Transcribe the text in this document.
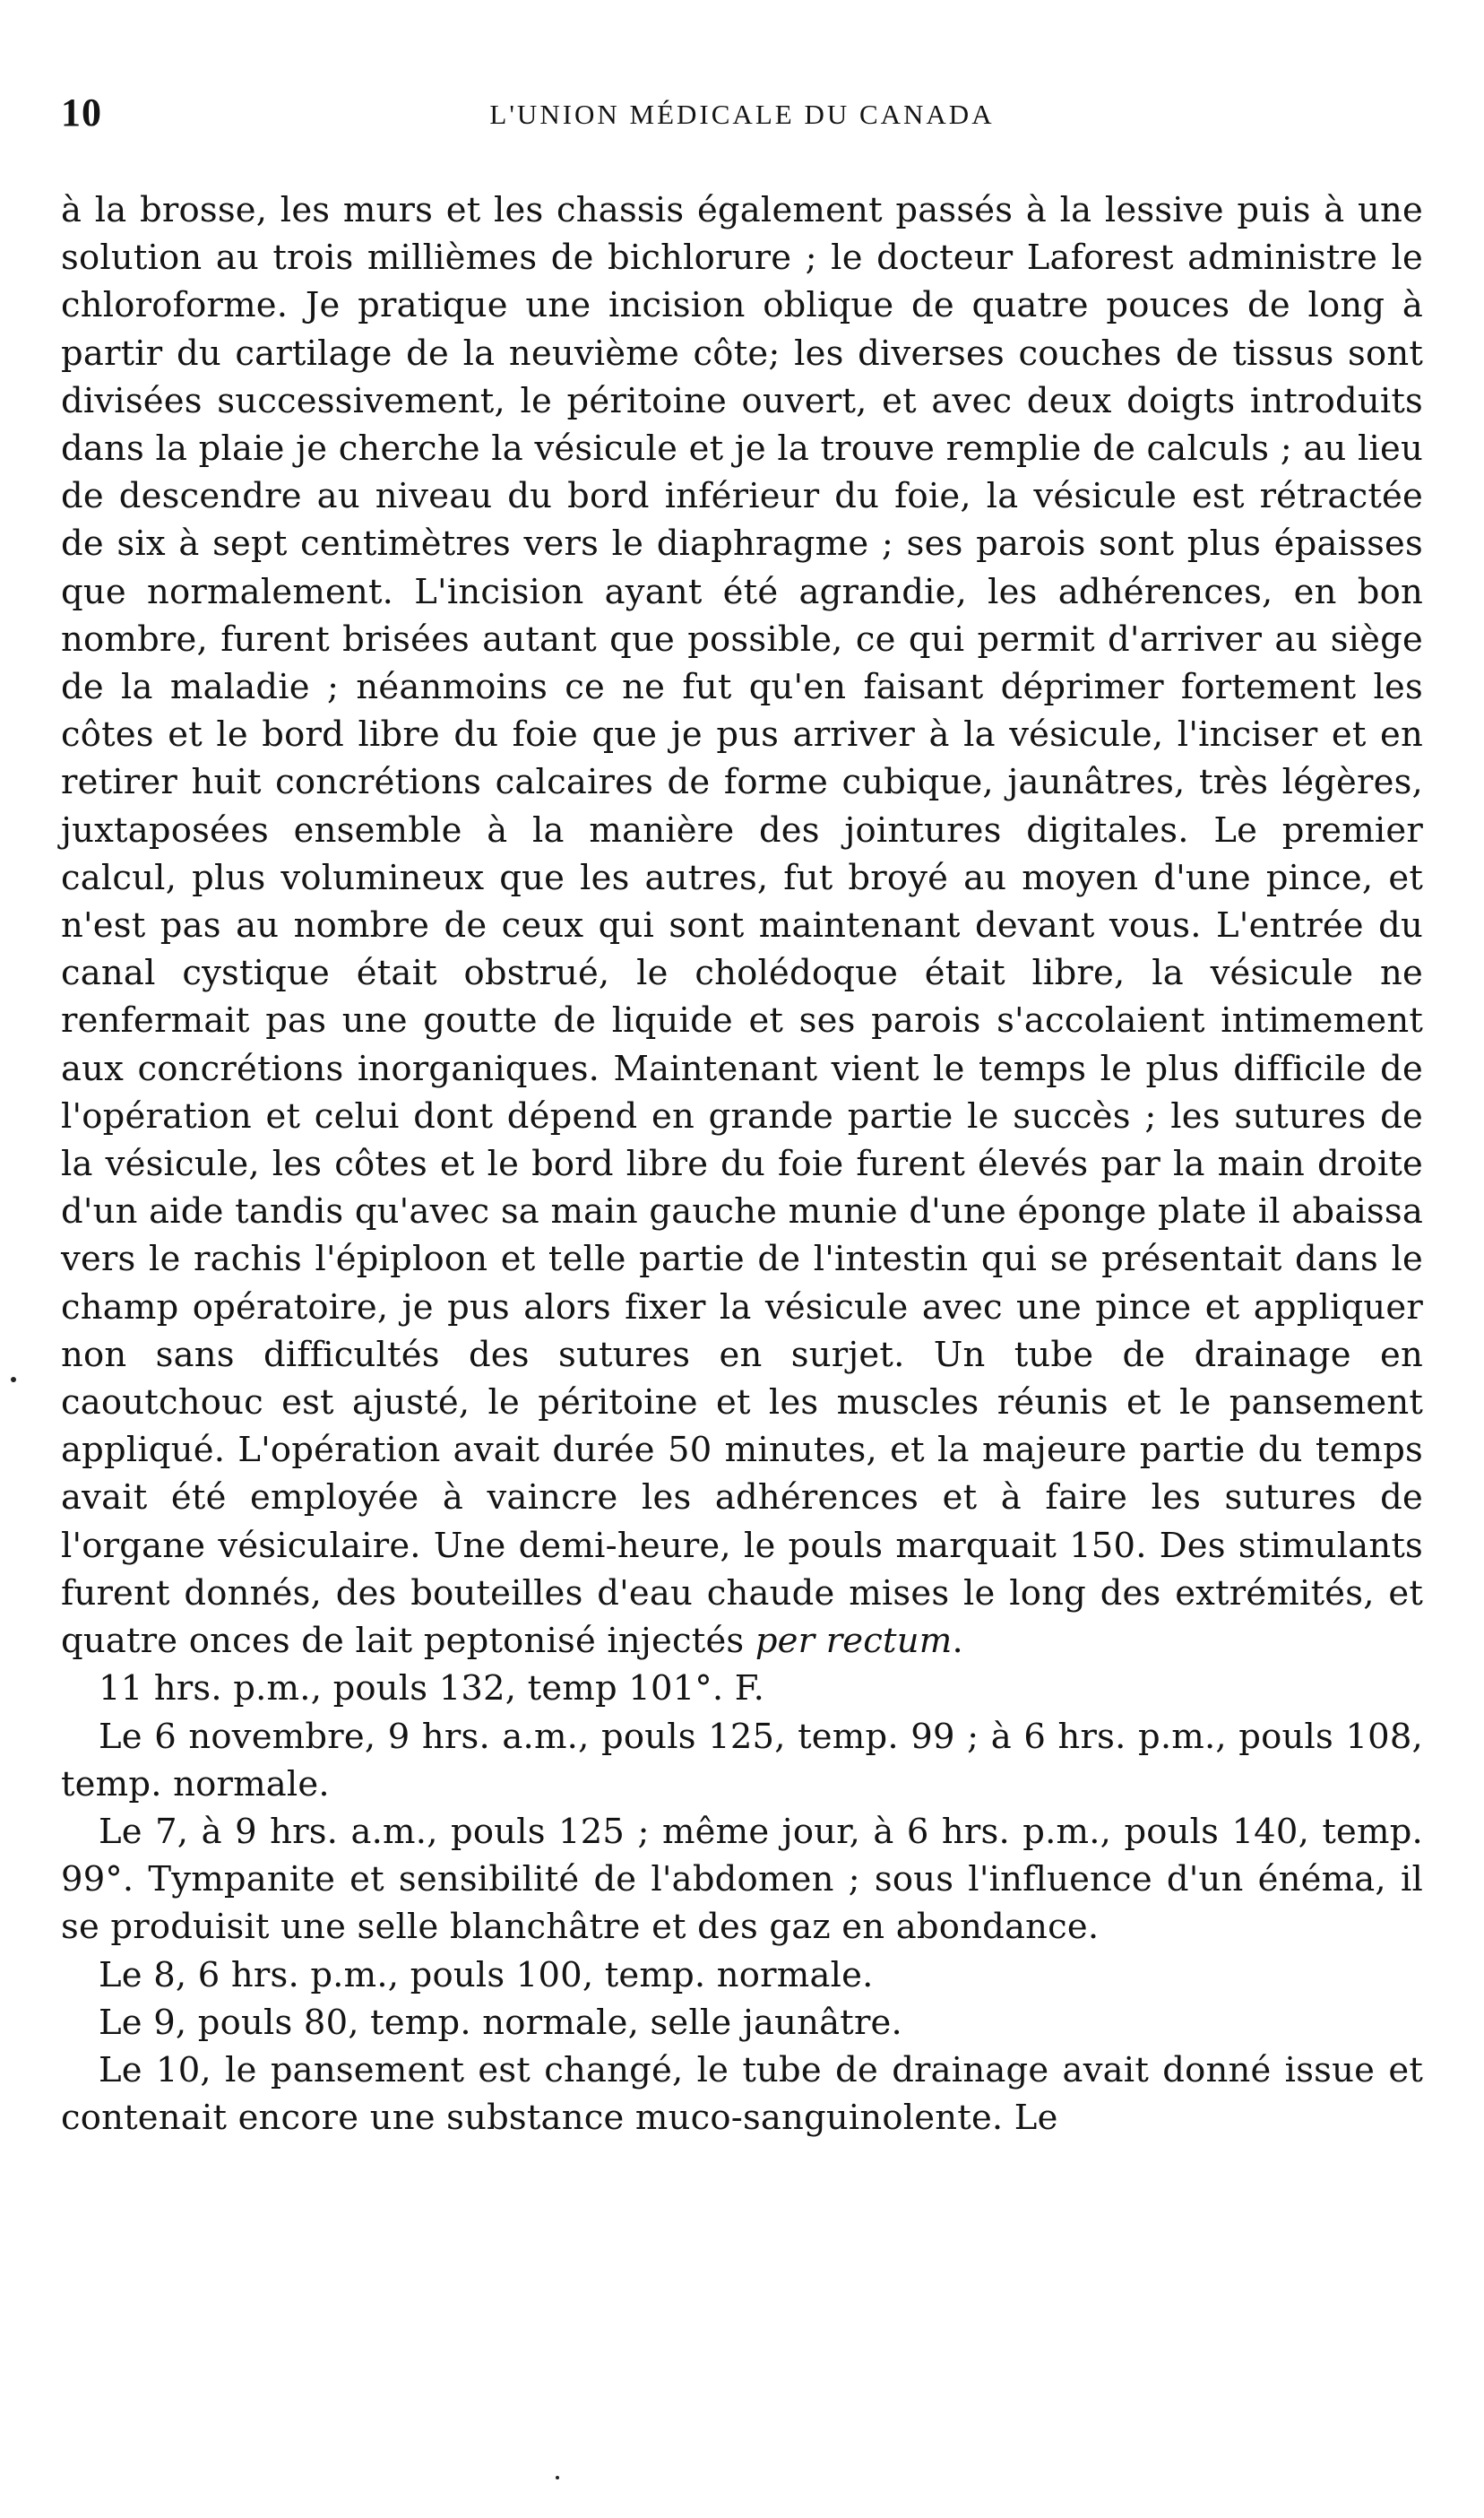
10	L'UNION MÉDICALE DU CANADA

à la brosse, les murs et les chassis également passés à la lessive puis à une solution au trois millièmes de bichlorure ; le docteur Laforest administre le chloroforme. Je pratique une incision oblique de quatre pouces de long à partir du cartilage de la neuvième côte; les diverses couches de tissus sont divisées successivement, le péritoine ouvert, et avec deux doigts introduits dans la plaie je cherche la vésicule et je la trouve remplie de calculs ; au lieu de descendre au niveau du bord inférieur du foie, la vésicule est rétractée de six à sept centimètres vers le diaphragme ; ses parois sont plus épaisses que normalement. L'incision ayant été agrandie, les adhérences, en bon nombre, furent brisées autant que possible, ce qui permit d'arriver au siège de la maladie ; néanmoins ce ne fut qu'en faisant déprimer fortement les côtes et le bord libre du foie que je pus arriver à la vésicule, l'inciser et en retirer huit concrétions calcaires de forme cubique, jaunâtres, très légères, juxtaposées ensemble à la manière des jointures digitales. Le premier calcul, plus volumineux que les autres, fut broyé au moyen d'une pince, et n'est pas au nombre de ceux qui sont maintenant devant vous. L'entrée du canal cystique était obstrué, le cholédoque était libre, la vésicule ne renfermait pas une goutte de liquide et ses parois s'accolaient intimement aux concrétions inorganiques. Maintenant vient le temps le plus difficile de l'opération et celui dont dépend en grande partie le succès ; les sutures de la vésicule, les côtes et le bord libre du foie furent élevés par la main droite d'un aide tandis qu'avec sa main gauche munie d'une éponge plate il abaissa vers le rachis l'épiploon et telle partie de l'intestin qui se présentait dans le champ opératoire, je pus alors fixer la vésicule avec une pince et appliquer non sans difficultés des sutures en surjet. Un tube de drainage en caoutchouc est ajusté, le péritoine et les muscles réunis et le pansement appliqué. L'opération avait durée 50 minutes, et la majeure partie du temps avait été employée à vaincre les adhérences et à faire les sutures de l'organe vésiculaire. Une demi-heure, le pouls marquait 150. Des stimulants furent donnés, des bouteilles d'eau chaude mises le long des extrémités, et quatre onces de lait peptonisé injectés per rectum.

11 hrs. p.m., pouls 132, temp 101°. F.

Le 6 novembre, 9 hrs. a.m., pouls 125, temp. 99 ; à 6 hrs. p.m., pouls 108, temp. normale.

Le 7, à 9 hrs. a.m., pouls 125 ; même jour, à 6 hrs. p.m., pouls 140, temp. 99°. Tympanite et sensibilité de l'abdomen ; sous l'influence d'un énéma, il se produisit une selle blanchâtre et des gaz en abondance.

Le 8, 6 hrs. p.m., pouls 100, temp. normale.

Le 9, pouls 80, temp. normale, selle jaunâtre.

Le 10, le pansement est changé, le tube de drainage avait donné issue et contenait encore une substance muco-sanguinolente. Le
